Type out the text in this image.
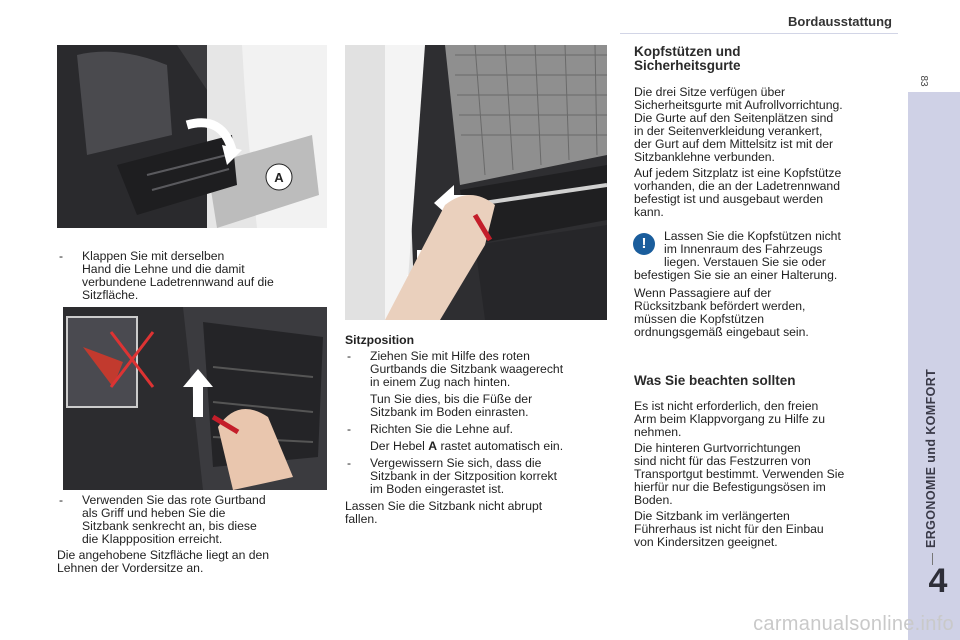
Bordausstattung
83
ERGONOMIE und KOMFORT
4
A
- Klappen Sie mit derselben
Hand die Lehne und die damit
verbundene Ladetrennwand auf die
Sitzfläche.
- Verwenden Sie das rote Gurtband
als Griff und heben Sie die
Sitzbank senkrecht an, bis diese
die Klappposition erreicht.
Die angehobene Sitzfläche liegt an den
Lehnen der Vordersitze an.
Sitzposition
- Ziehen Sie mit Hilfe des roten
Gurtbands die Sitzbank waagerecht
in einem Zug nach hinten.
Tun Sie dies, bis die Füße der
Sitzbank im Boden einrasten.
- Richten Sie die Lehne auf.
Der Hebel A rastet automatisch ein.
- Vergewissern Sie sich, dass die
Sitzbank in der Sitzposition korrekt
im Boden eingerastet ist.
Lassen Sie die Sitzbank nicht abrupt
fallen.
Kopfstützen und
Sicherheitsgurte
Die drei Sitze verfügen über
Sicherheitsgurte mit Aufrollvorrichtung.
Die Gurte auf den Seitenplätzen sind
in der Seitenverkleidung verankert,
der Gurt auf dem Mittelsitz ist mit der
Sitzbanklehne verbunden.
Auf jedem Sitzplatz ist eine Kopfstütze
vorhanden, die an der Ladetrennwand
befestigt ist und ausgebaut werden
kann.
!	Lassen Sie die Kopfstützen nicht
im Innenraum des Fahrzeugs
liegen. Verstauen Sie sie oder
befestigen Sie sie an einer Halterung.
Wenn Passagiere auf der
Rücksitzbank befördert werden,
müssen die Kopfstützen
ordnungsgemäß eingebaut sein.
Was Sie beachten sollten
Es ist nicht erforderlich, den freien
Arm beim Klappvorgang zu Hilfe zu
nehmen.
Die hinteren Gurtvorrichtungen
sind nicht für das Festzurren von
Transportgut bestimmt. Verwenden Sie
hierfür nur die Befestigungsösen im
Boden.
Die Sitzbank im verlängerten
Führerhaus ist nicht für den Einbau
von Kindersitzen geeignet.
carmanualsonline.info
